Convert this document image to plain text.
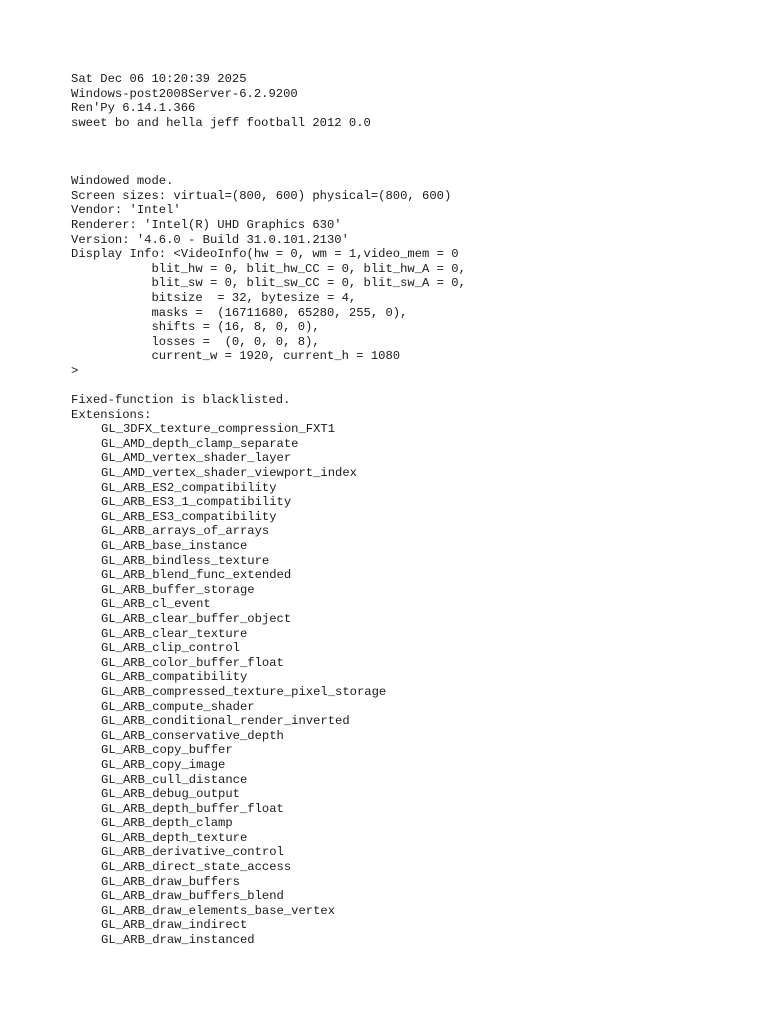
Sat Dec 06 10:20:39 2025
Windows-post2008Server-6.2.9200
Ren'Py 6.14.1.366
sweet bo and hella jeff football 2012 0.0
Windowed mode.
Screen sizes: virtual=(800, 600) physical=(800, 600)
Vendor: 'Intel'
Renderer: 'Intel(R) UHD Graphics 630'
Version: '4.6.0 - Build 31.0.101.2130'
Display Info: <VideoInfo(hw = 0, wm = 1,video_mem = 0
blit_hw = 0, blit_hw_CC = 0, blit_hw_A = 0,
blit_sw = 0, blit_sw_CC = 0, blit_sw_A = 0,
bitsize  = 32, bytesize = 4,
masks =  (16711680, 65280, 255, 0),
shifts = (16, 8, 0, 0),
losses =  (0, 0, 0, 8),
current_w = 1920, current_h = 1080
>
Fixed-function is blacklisted.
Extensions:
GL_3DFX_texture_compression_FXT1
GL_AMD_depth_clamp_separate
GL_AMD_vertex_shader_layer
GL_AMD_vertex_shader_viewport_index
GL_ARB_ES2_compatibility
GL_ARB_ES3_1_compatibility
GL_ARB_ES3_compatibility
GL_ARB_arrays_of_arrays
GL_ARB_base_instance
GL_ARB_bindless_texture
GL_ARB_blend_func_extended
GL_ARB_buffer_storage
GL_ARB_cl_event
GL_ARB_clear_buffer_object
GL_ARB_clear_texture
GL_ARB_clip_control
GL_ARB_color_buffer_float
GL_ARB_compatibility
GL_ARB_compressed_texture_pixel_storage
GL_ARB_compute_shader
GL_ARB_conditional_render_inverted
GL_ARB_conservative_depth
GL_ARB_copy_buffer
GL_ARB_copy_image
GL_ARB_cull_distance
GL_ARB_debug_output
GL_ARB_depth_buffer_float
GL_ARB_depth_clamp
GL_ARB_depth_texture
GL_ARB_derivative_control
GL_ARB_direct_state_access
GL_ARB_draw_buffers
GL_ARB_draw_buffers_blend
GL_ARB_draw_elements_base_vertex
GL_ARB_draw_indirect
GL_ARB_draw_instanced
